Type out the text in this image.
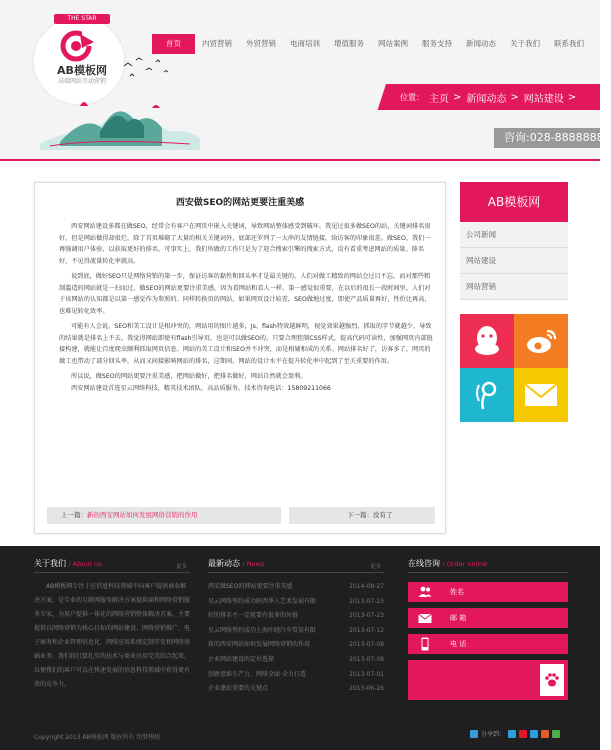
THE STAR
AB模板网
高端网站互动营销
首页	内贸营销	外贸营销	电商培训	增值服务	网站案例	服务支持	新闻动态	关于我们	联系我们
位置： 主页 > 新闻动态 > 网站建设 >
咨询:028-88888888
西安做SEO的网站更要注重美感

西安网站建设多都在做SEO，经常会有客户在网页中嵌入关键词，导致网站整体感受到破坏。我见过很多做SEO的站，关键词排名很好，但是网站做得却很烂，除了首页堆砌了大量的相关关键词外，底部还罗列了一大串的友情链接，给访客的印象很差。做SEO，我们一再强调用户体验，以获取更好的排名，可事实上，我们所做的工作只是为了迎合搜索引擎的搜索方式，没有看重考虑网站的质量。排名好，不见得流量转化率就高。

说到底，做好SEO只是网络营销的第一步，保证访客的黏性和回头率才是最关键的。人们对做工精致的网站会过目不忘，而对那些粗制滥造的网站就是一扫而过。做SEO的网站更要注重美感，因为看网站和看人一样，第一感觉很重要，在以后的很长一段时间里，人们对于该网站的认知都是以第一感觉作为参照的。同样转换页的网站，如果网页设计较差，SEO做地过度，即使产品质量再好，性价比再高，也难见转化效率。

可能有人会说，SEO和美工设计是相冲突的，网站用的图片越多，Js、flash特效越鲜明，视觉效果越强烈，抓取的字节就越少，导致的结果就是排名上不去。我觉得网站即使有flash引导页，也是可以做SEO的，只要合理控制CSS样式，提高代码可读性，加强网页内部链接构建，就能让百度爬虫顺利抓取网页信息。网站的美工设计和SEO并不冲突，而是相辅相成的关系。网站排名好了，访客多了，网页的做工也带动了部分回头率，从而又间接影响网站的排名，这期间，网站的设计水平在提升转化率中起到了至关重要的作用。

所以说，做SEO的网站更要注重美感，把网站做好，把排名做好，网站自然就会盈利。

西安网站建设首选星云网络科技，精英技术团队，高品质服务。技术咨询电话：15809211066

上一篇：新的西安网站如何发展网络营销的作用	下一篇：没有了
AB模板网
公司新闻
网站建设
网站营销
关于我们 / About us	更多
AB模板网专注于在信息科技领域中向客户提供商业解决方案，是专业的互联网服务解决方案提供商和网络营销服务专家，为用户提供一体化的网络营销整体解决方案。主要提供以网络营销为核心目标的网站建设、网络营销推广、电子商务和企业管理信息化、网络应用系统定制开发和网络基础业务。我们将打算扎实的技术与商业应用完美结合起来，以便我们的客户可以在快速发展的信息科技领域中获得更有效的竞争力。
最新动态 / News	更多
西安做SEO的网站更要注重美感	2014-08-27
星云网络签约成功陕西华人艺术发展有限	2013-07-23
好的排名不一定就要有很多的外链	2013-07-23
星云网络签约成功上海叶晓汽车贸易有限	2013-07-12
新的西安网站如何发展网络营销的作用	2013-07-08
企业网站建设的定位选择	2013-07-08
创新思维生产力，网络全面·全力打造	2013-07-01
企业建站重要的关键点	2013-06-26
在线咨询 / Order online
姓名
邮 箱
电 话
Copyright 2013 AB模板网 版权所有 织梦模板	分享到：
